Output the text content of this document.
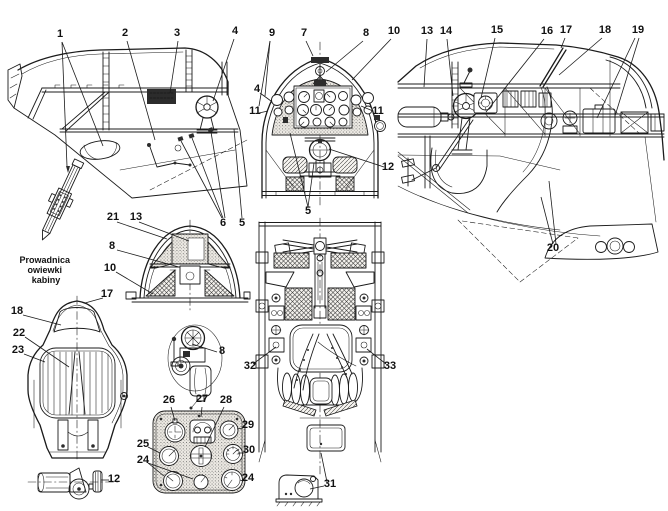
Prowadnica owiewki kabiny
1	2	3	4	9 7	8 10 13 14	15	16 17 18 19
6 5
4
11	11
12
5
20
21 13
8
10
17
18
22
23	8
32	33
31
26 27 28
29
30
24
25
24
12
